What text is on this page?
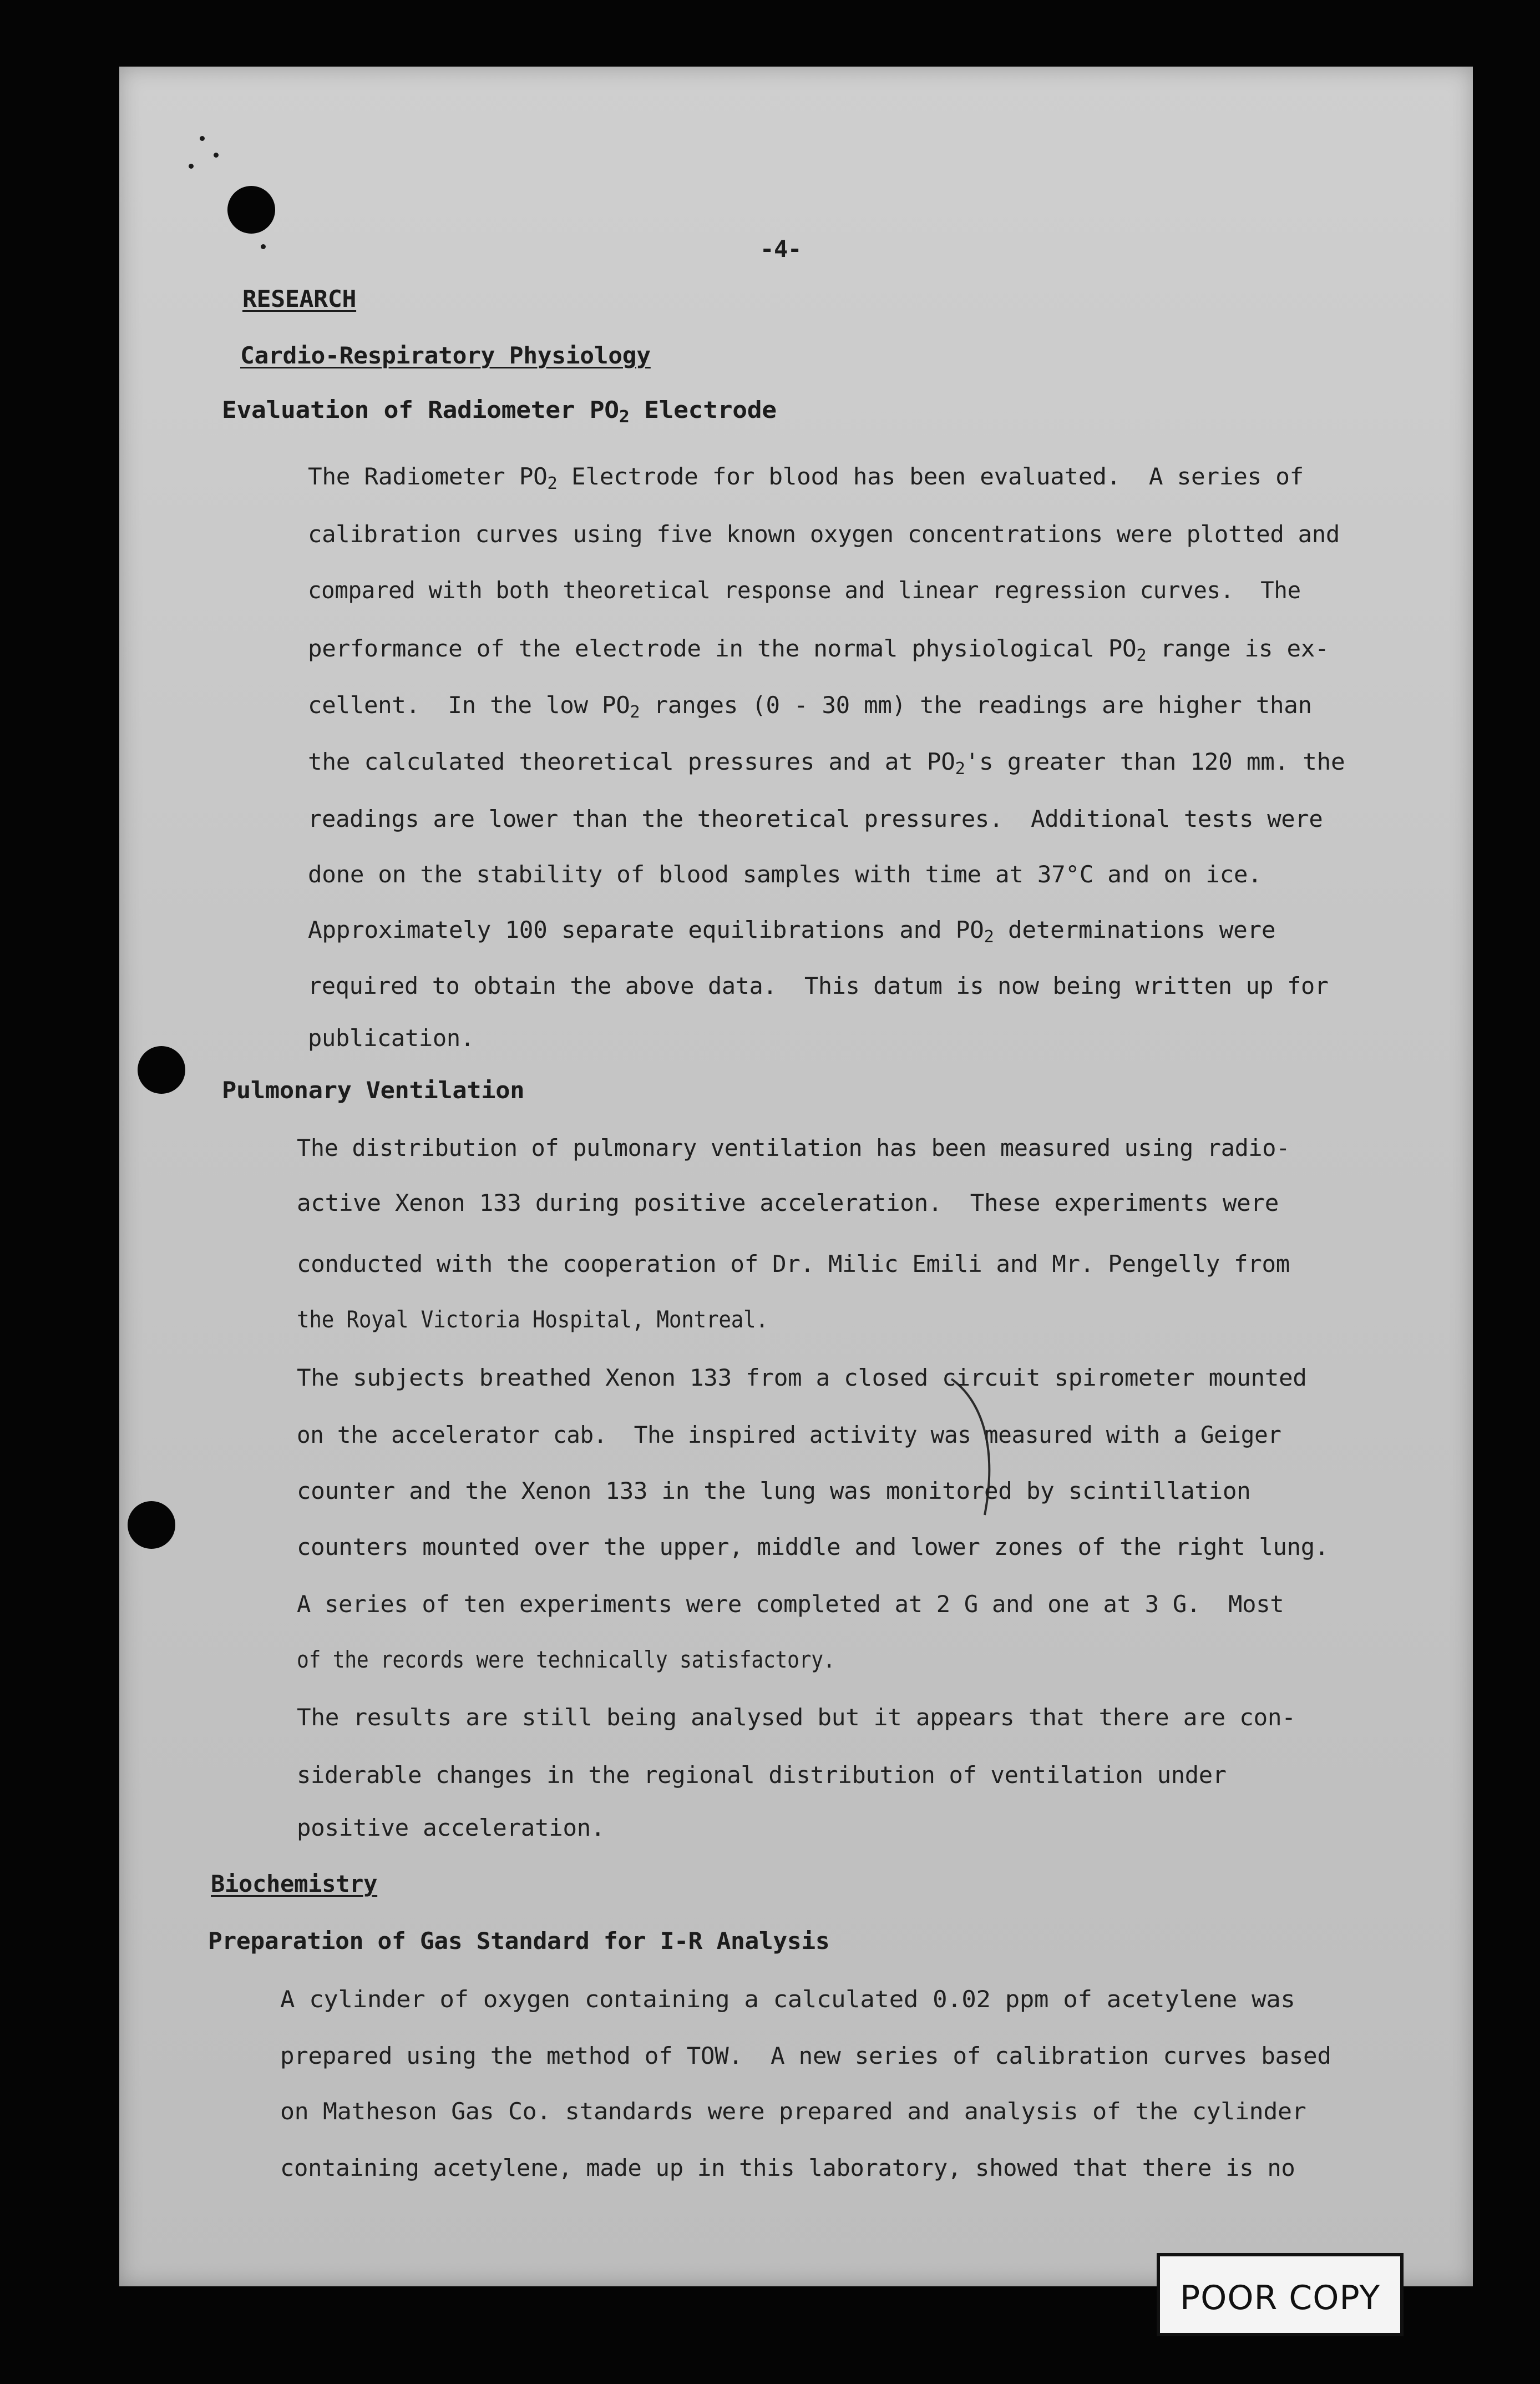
-4-
RESEARCH
Cardio-Respiratory Physiology
Evaluation of Radiometer $PO_2$ Electrode
The Radiometer $PO_2$ Electrode for blood has been evaluated.  A series of
calibration curves using five known oxygen concentrations were plotted and
compared with both theoretical response and linear regression curves.  The
performance of the electrode in the normal physiological $PO_2$ range is ex-
cellent.  In the low $PO_2$ ranges (0 - 30 mm) the readings are higher than
the calculated theoretical pressures and at $PO_2's$ greater than 120 mm. the
readings are lower than the theoretical pressures.  Additional tests were
done on the stability of blood samples with time at 37°C and on ice.
Approximately 100 separate equilibrations and $PO_2$ determinations were
required to obtain the above data.  This datum is now being written up for
publication.
Pulmonary Ventilation
The distribution of pulmonary ventilation has been measured using radio-
active Xenon 133 during positive acceleration.  These experiments were
conducted with the cooperation of Dr. Milic Emili and Mr. Pengelly from
the Royal Victoria Hospital, Montreal.
The subjects breathed Xenon 133 from a closed circuit spirometer mounted
on the accelerator cab.  The inspired activity was measured with a Geiger
counter and the Xenon 133 in the lung was monitored by scintillation
counters mounted over the upper, middle and lower zones of the right lung.
A series of ten experiments were completed at 2 G and one at 3 G.  Most
of the records were technically satisfactory.
The results are still being analysed but it appears that there are con-
siderable changes in the regional distribution of ventilation under
positive acceleration.
Biochemistry
Preparation of Gas Standard for I-R Analysis
A cylinder of oxygen containing a calculated 0.02 ppm of acetylene was
prepared using the method of TOW.  A new series of calibration curves based
on Matheson Gas Co. standards were prepared and analysis of the cylinder
containing acetylene, made up in this laboratory, showed that there is no
POOR COPY
